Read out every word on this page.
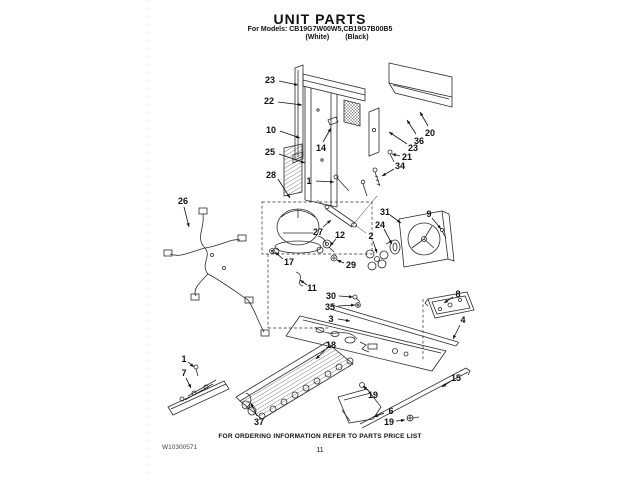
UNIT PARTS
For Models: CB19G7W00W5,CB19G7B00B5
(White) (Black)
23
22
10
25
28
14
1
20
36
23
21
34
26
27 12
17	29
31	9
24
2
30
11
35
3
8
4
15
18
1
7
37
19
6
19
FOR ORDERING INFORMATION REFER TO PARTS PRICE LIST
11
W10300571
